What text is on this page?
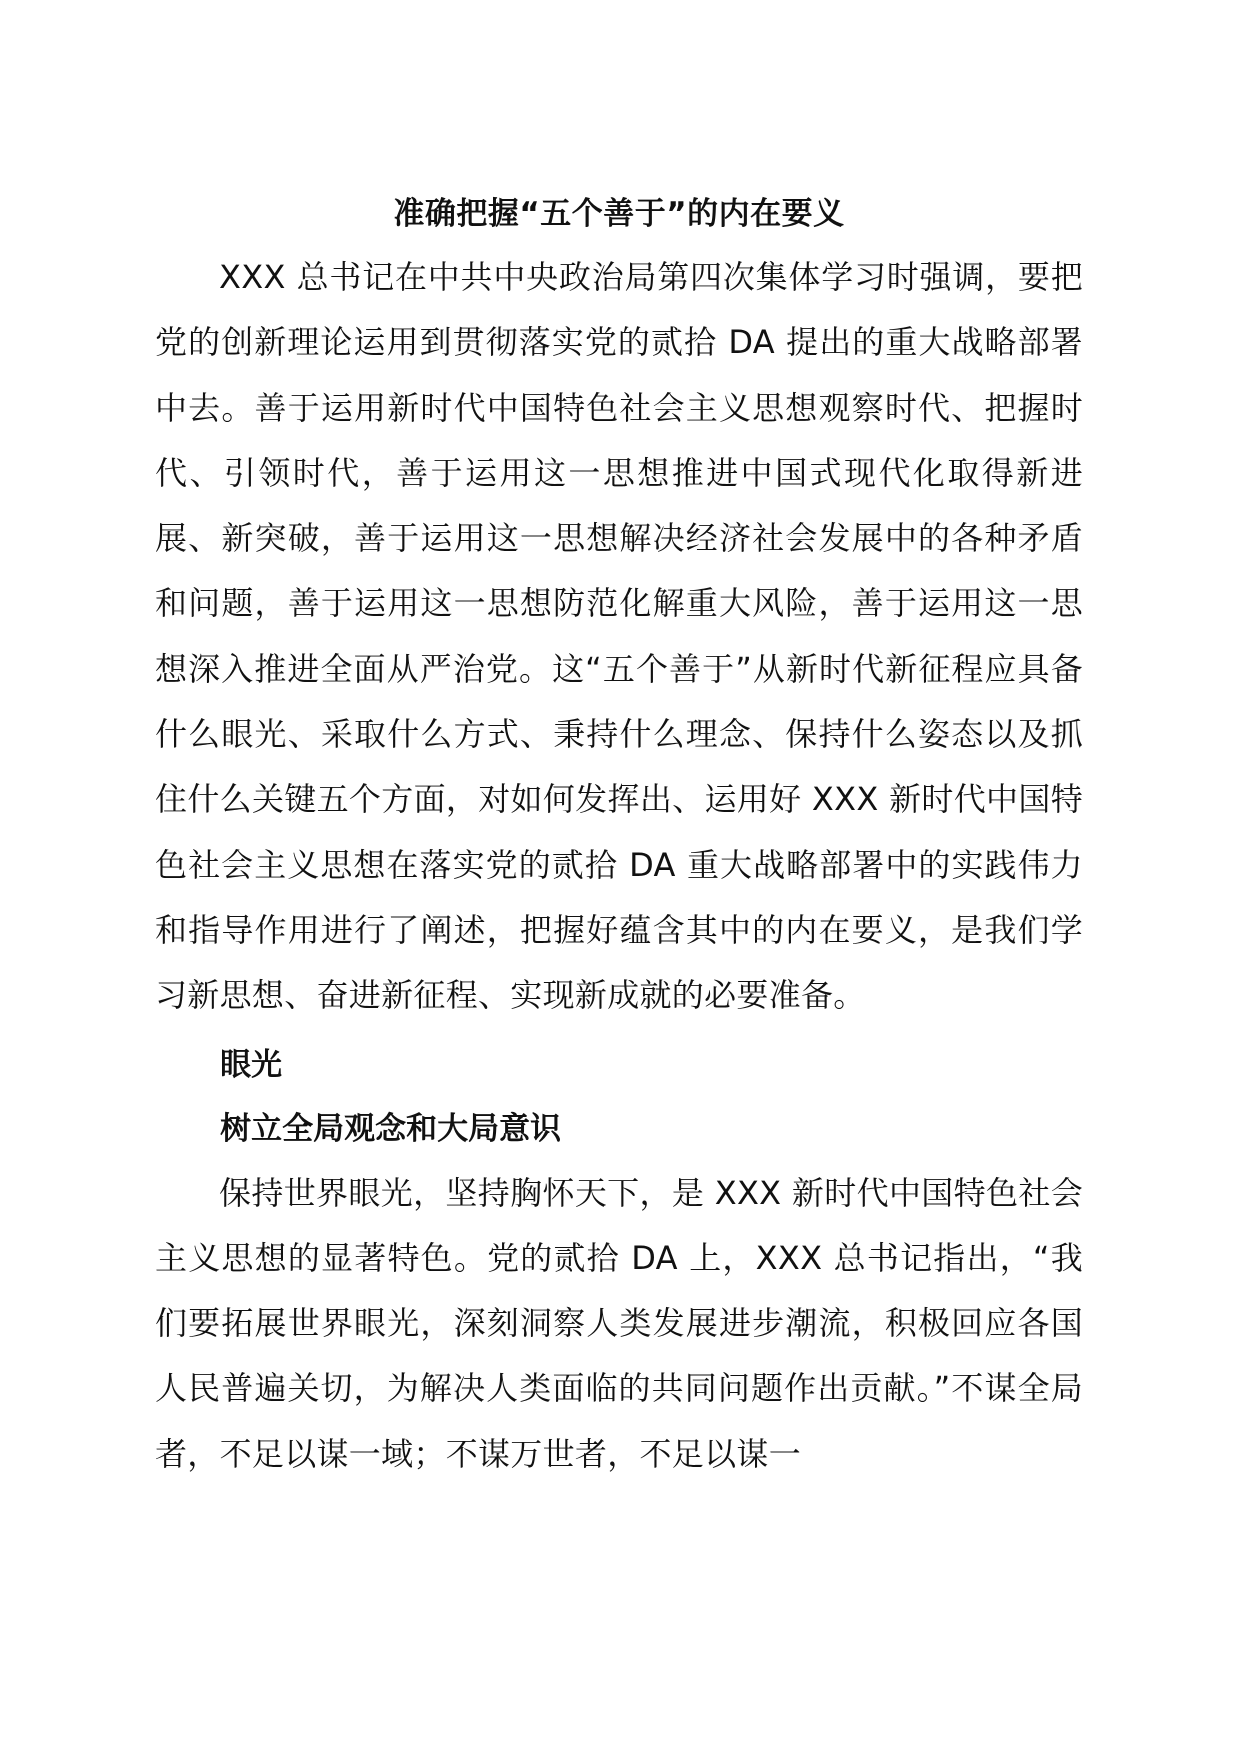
准确把握“五个善于”的内在要义

XXX 总书记在中共中央政治局第四次集体学习时强调，要把党的创新理论运用到贯彻落实党的贰拾 DA 提出的重大战略部署中去。善于运用新时代中国特色社会主义思想观察时代、把握时代、引领时代，善于运用这一思想推进中国式现代化取得新进展、新突破，善于运用这一思想解决经济社会发展中的各种矛盾和问题，善于运用这一思想防范化解重大风险，善于运用这一思想深入推进全面从严治党。这“五个善于”从新时代新征程应具备什么眼光、采取什么方式、秉持什么理念、保持什么姿态以及抓住什么关键五个方面，对如何发挥出、运用好 XXX 新时代中国特色社会主义思想在落实党的贰拾 DA 重大战略部署中的实践伟力和指导作用进行了阐述，把握好蕴含其中的内在要义，是我们学习新思想、奋进新征程、实现新成就的必要准备。

眼光

树立全局观念和大局意识

保持世界眼光，坚持胸怀天下，是 XXX 新时代中国特色社会主义思想的显著特色。党的贰拾 DA 上，XXX 总书记指出，“我们要拓展世界眼光，深刻洞察人类发展进步潮流，积极回应各国人民普遍关切，为解决人类面临的共同问题作出贡献。”不谋全局者，不足以谋一域；不谋万世者，不足以谋一
